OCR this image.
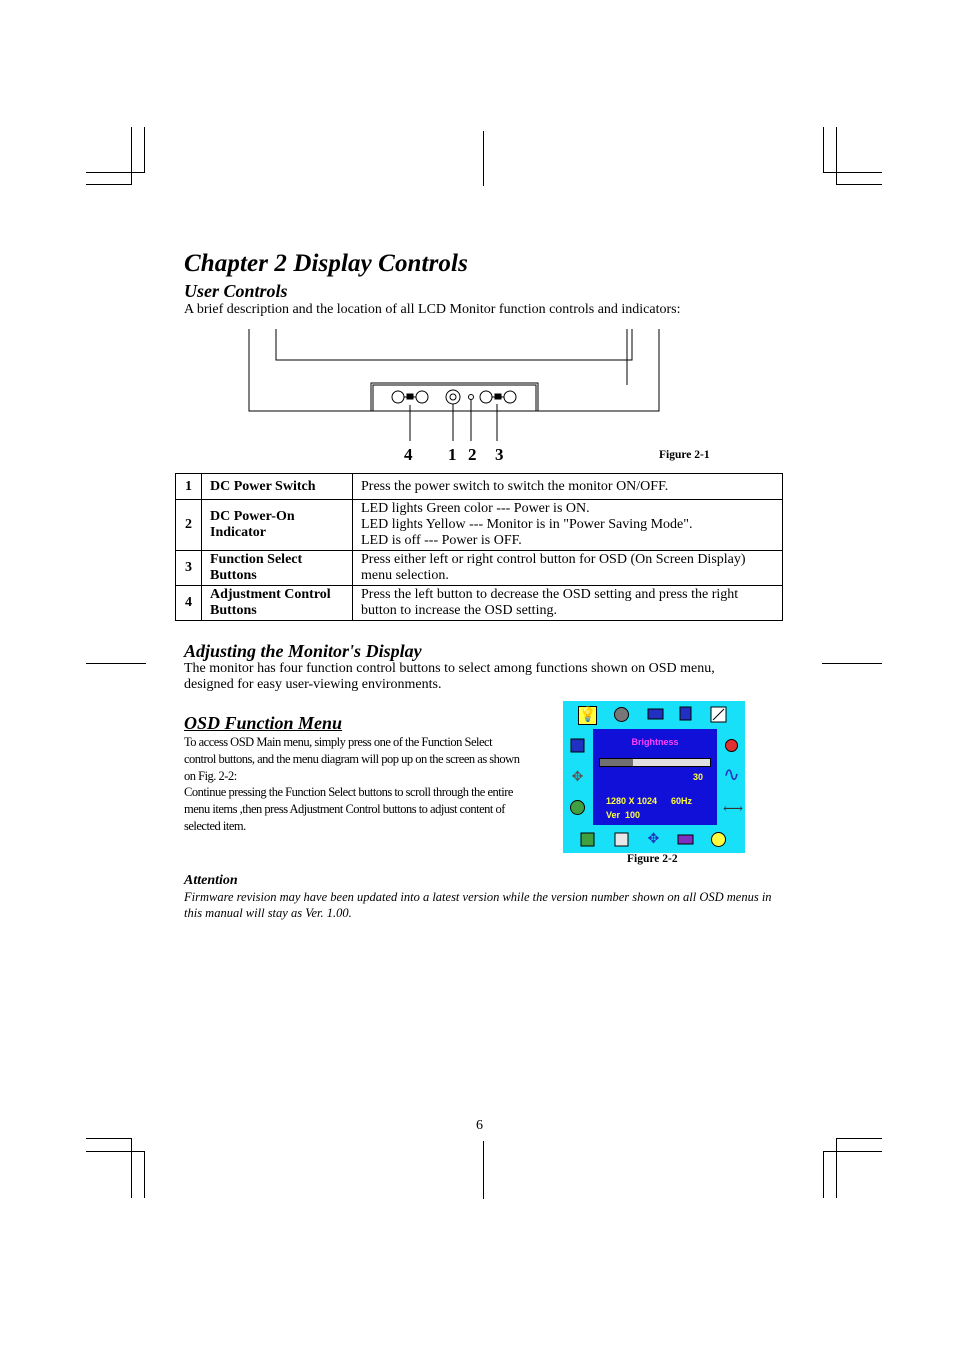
Chapter 2 Display Controls
User Controls
A brief description and the location of all LCD Monitor function controls and indicators:
4 1 2 3	Figure 2-1
1	DC Power Switch	Press the power switch to switch the monitor ON/OFF.

2	DC Power-On Indicator	LED lights Green color --- Power is ON.
LED lights Yellow --- Monitor is in "Power Saving Mode".
LED is off --- Power is OFF.

3	Function Select Buttons	Press either left or right control button for OSD (On Screen Display) menu selection.

4	Adjustment Control Buttons	Press the left button to decrease the OSD setting and press the right button to increase the OSD setting.
Adjusting the Monitor's Display
The monitor has four function control buttons to select among functions shown on OSD menu, designed for easy user-viewing environments.
OSD Function Menu
To access OSD Main menu, simply press one of the Function Select control buttons, and the menu diagram will pop up on the screen as shown on Fig. 2-2:
Continue pressing the Function Select buttons to scroll through the entire menu items ,then press Adjustment Control buttons to adjust content of selected item.
💡
✥	∿
⟷
✥
Brightness
30
1280 X 1024 60Hz
Ver  100
Figure 2-2
Attention
Firmware revision may have been updated into a latest version while the version number shown on all OSD menus in this manual will stay as Ver. 1.00.
6
